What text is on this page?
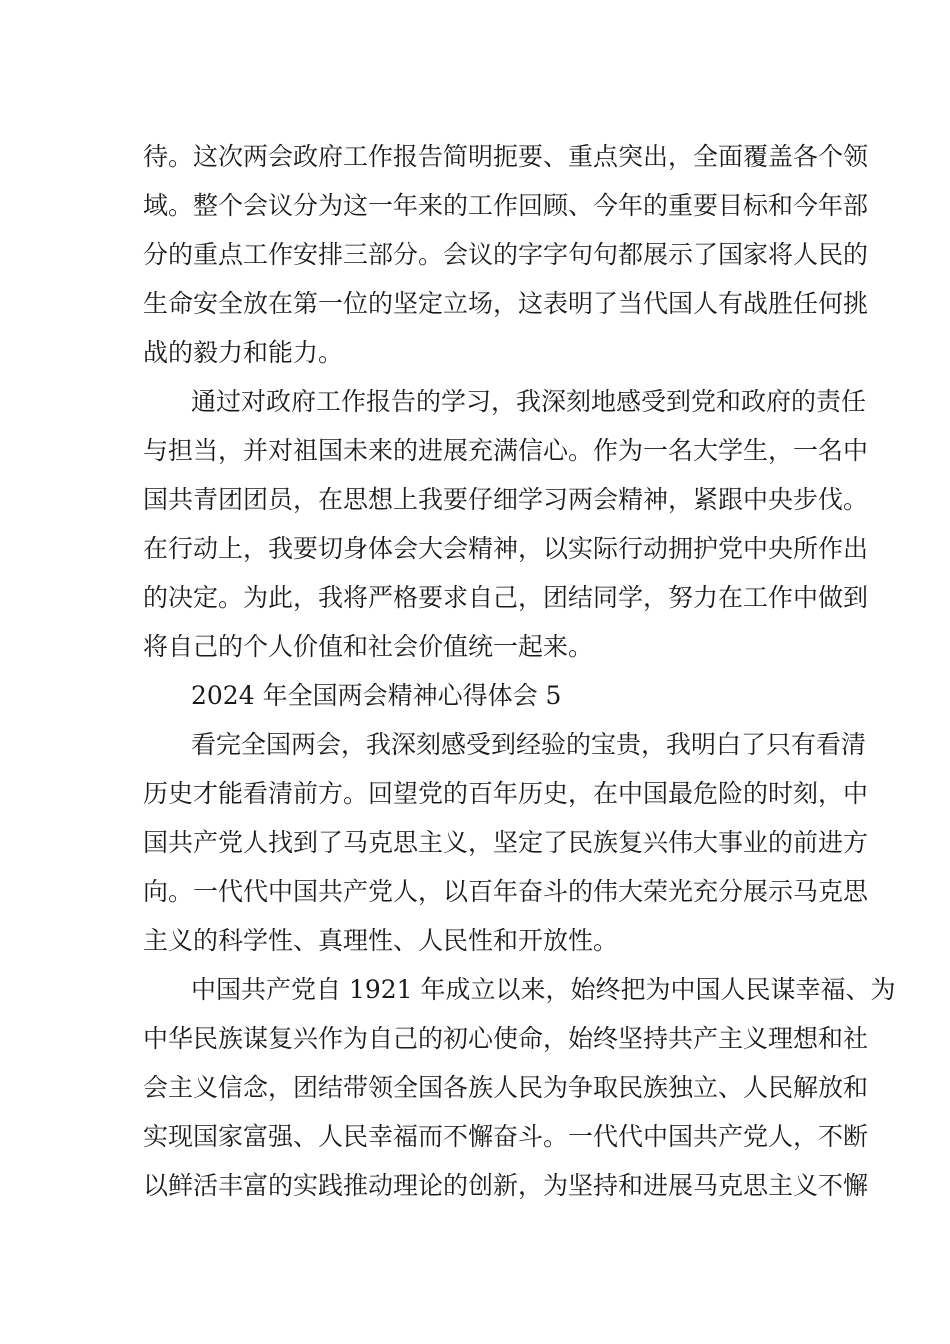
待。这次两会政府工作报告简明扼要、重点突出，全面覆盖各个领
域。整个会议分为这一年来的工作回顾、今年的重要目标和今年部
分的重点工作安排三部分。会议的字字句句都展示了国家将人民的
生命安全放在第一位的坚定立场，这表明了当代国人有战胜任何挑
战的毅力和能力。
通过对政府工作报告的学习，我深刻地感受到党和政府的责任
与担当，并对祖国未来的进展充满信心。作为一名大学生，一名中
国共青团团员，在思想上我要仔细学习两会精神，紧跟中央步伐。
在行动上，我要切身体会大会精神，以实际行动拥护党中央所作出
的决定。为此，我将严格要求自己，团结同学，努力在工作中做到
将自己的个人价值和社会价值统一起来。
2024 年全国两会精神心得体会 5
看完全国两会，我深刻感受到经验的宝贵，我明白了只有看清
历史才能看清前方。回望党的百年历史，在中国最危险的时刻，中
国共产党人找到了马克思主义，坚定了民族复兴伟大事业的前进方
向。一代代中国共产党人，以百年奋斗的伟大荣光充分展示马克思
主义的科学性、真理性、人民性和开放性。
中国共产党自 1921 年成立以来，始终把为中国人民谋幸福、为
中华民族谋复兴作为自己的初心使命，始终坚持共产主义理想和社
会主义信念，团结带领全国各族人民为争取民族独立、人民解放和
实现国家富强、人民幸福而不懈奋斗。一代代中国共产党人，不断
以鲜活丰富的实践推动理论的创新，为坚持和进展马克思主义不懈
